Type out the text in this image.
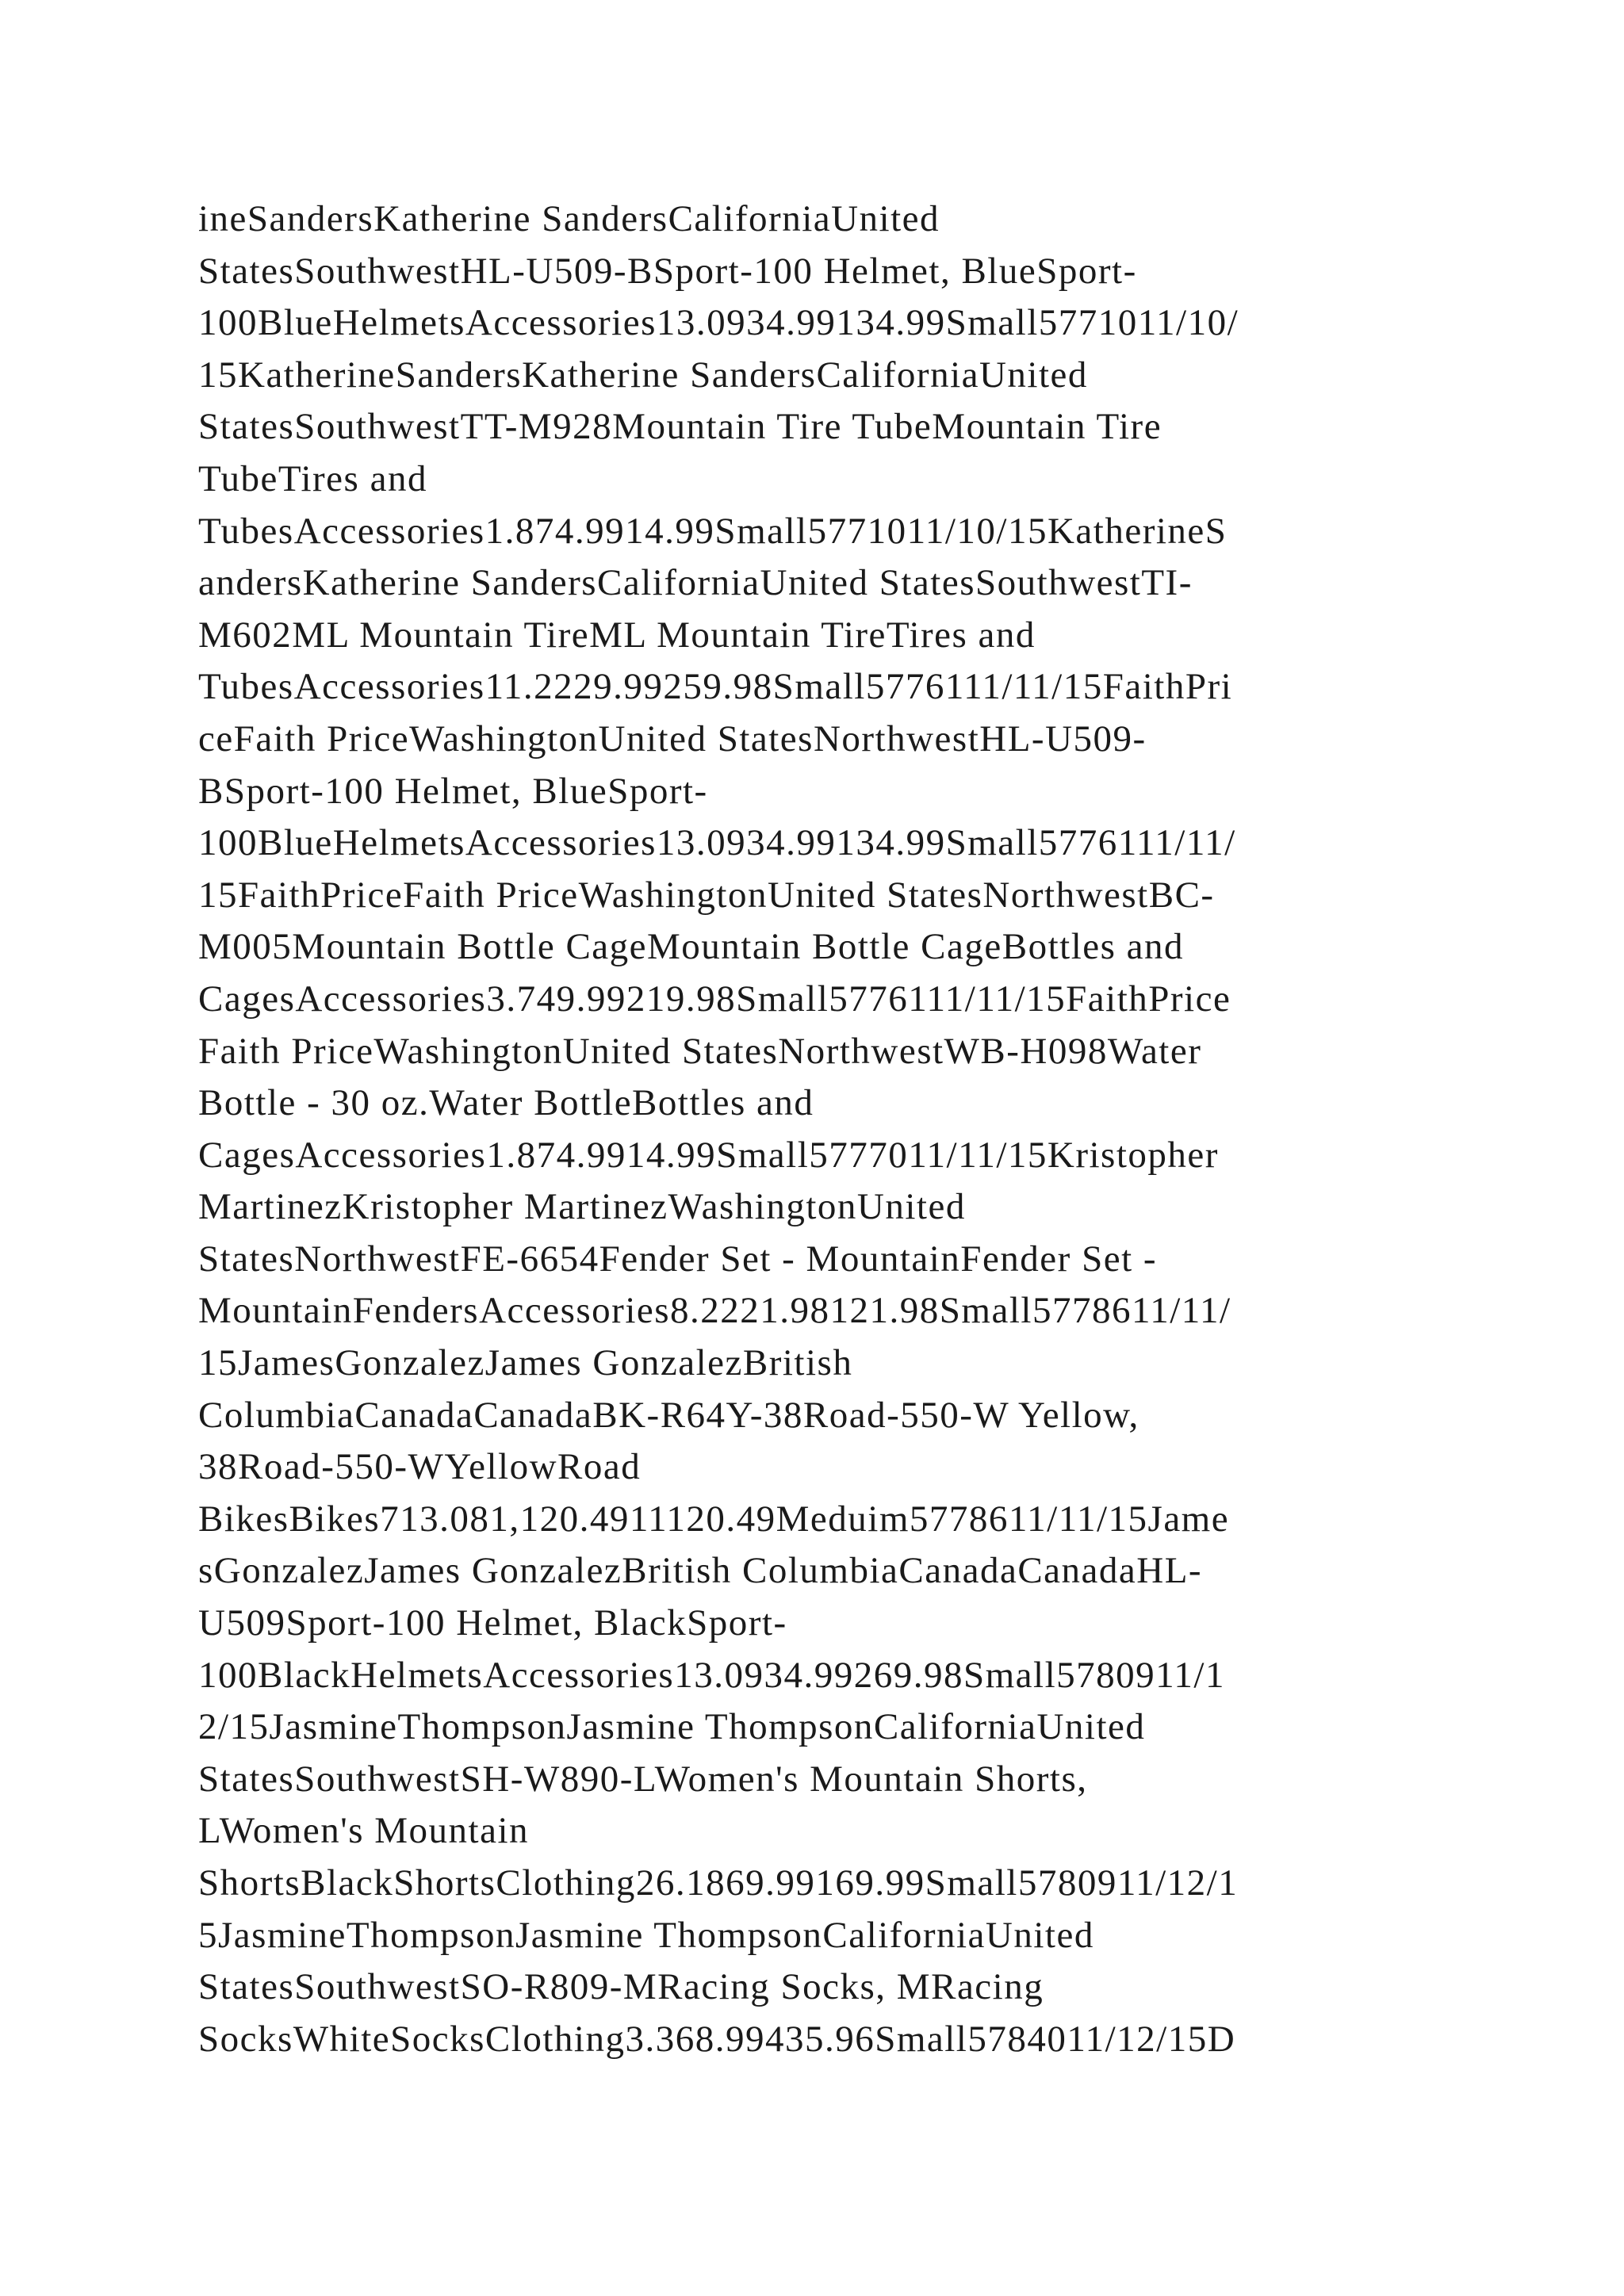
ineSandersKatherine SandersCaliforniaUnited
StatesSouthwestHL-U509-BSport-100 Helmet, BlueSport-
100BlueHelmetsAccessories13.0934.99134.99Small5771011/10/
15KatherineSandersKatherine SandersCaliforniaUnited
StatesSouthwestTT-M928Mountain Tire TubeMountain Tire
TubeTires and
TubesAccessories1.874.9914.99Small5771011/10/15KatherineS
andersKatherine SandersCaliforniaUnited StatesSouthwestTI-
M602ML Mountain TireML Mountain TireTires and
TubesAccessories11.2229.99259.98Small5776111/11/15FaithPri
ceFaith PriceWashingtonUnited StatesNorthwestHL-U509-
BSport-100 Helmet, BlueSport-
100BlueHelmetsAccessories13.0934.99134.99Small5776111/11/
15FaithPriceFaith PriceWashingtonUnited StatesNorthwestBC-
M005Mountain Bottle CageMountain Bottle CageBottles and
CagesAccessories3.749.99219.98Small5776111/11/15FaithPrice
Faith PriceWashingtonUnited StatesNorthwestWB-H098Water
Bottle - 30 oz.Water BottleBottles and
CagesAccessories1.874.9914.99Small5777011/11/15Kristopher
MartinezKristopher MartinezWashingtonUnited
StatesNorthwestFE-6654Fender Set - MountainFender Set -
MountainFendersAccessories8.2221.98121.98Small5778611/11/
15JamesGonzalezJames GonzalezBritish
ColumbiaCanadaCanadaBK-R64Y-38Road-550-W Yellow,
38Road-550-WYellowRoad
BikesBikes713.081,120.4911120.49Meduim5778611/11/15Jame
sGonzalezJames GonzalezBritish ColumbiaCanadaCanadaHL-
U509Sport-100 Helmet, BlackSport-
100BlackHelmetsAccessories13.0934.99269.98Small5780911/1
2/15JasmineThompsonJasmine ThompsonCaliforniaUnited
StatesSouthwestSH-W890-LWomen's Mountain Shorts,
LWomen's Mountain
ShortsBlackShortsClothing26.1869.99169.99Small5780911/12/1
5JasmineThompsonJasmine ThompsonCaliforniaUnited
StatesSouthwestSO-R809-MRacing Socks, MRacing
SocksWhiteSocksClothing3.368.99435.96Small5784011/12/15D
